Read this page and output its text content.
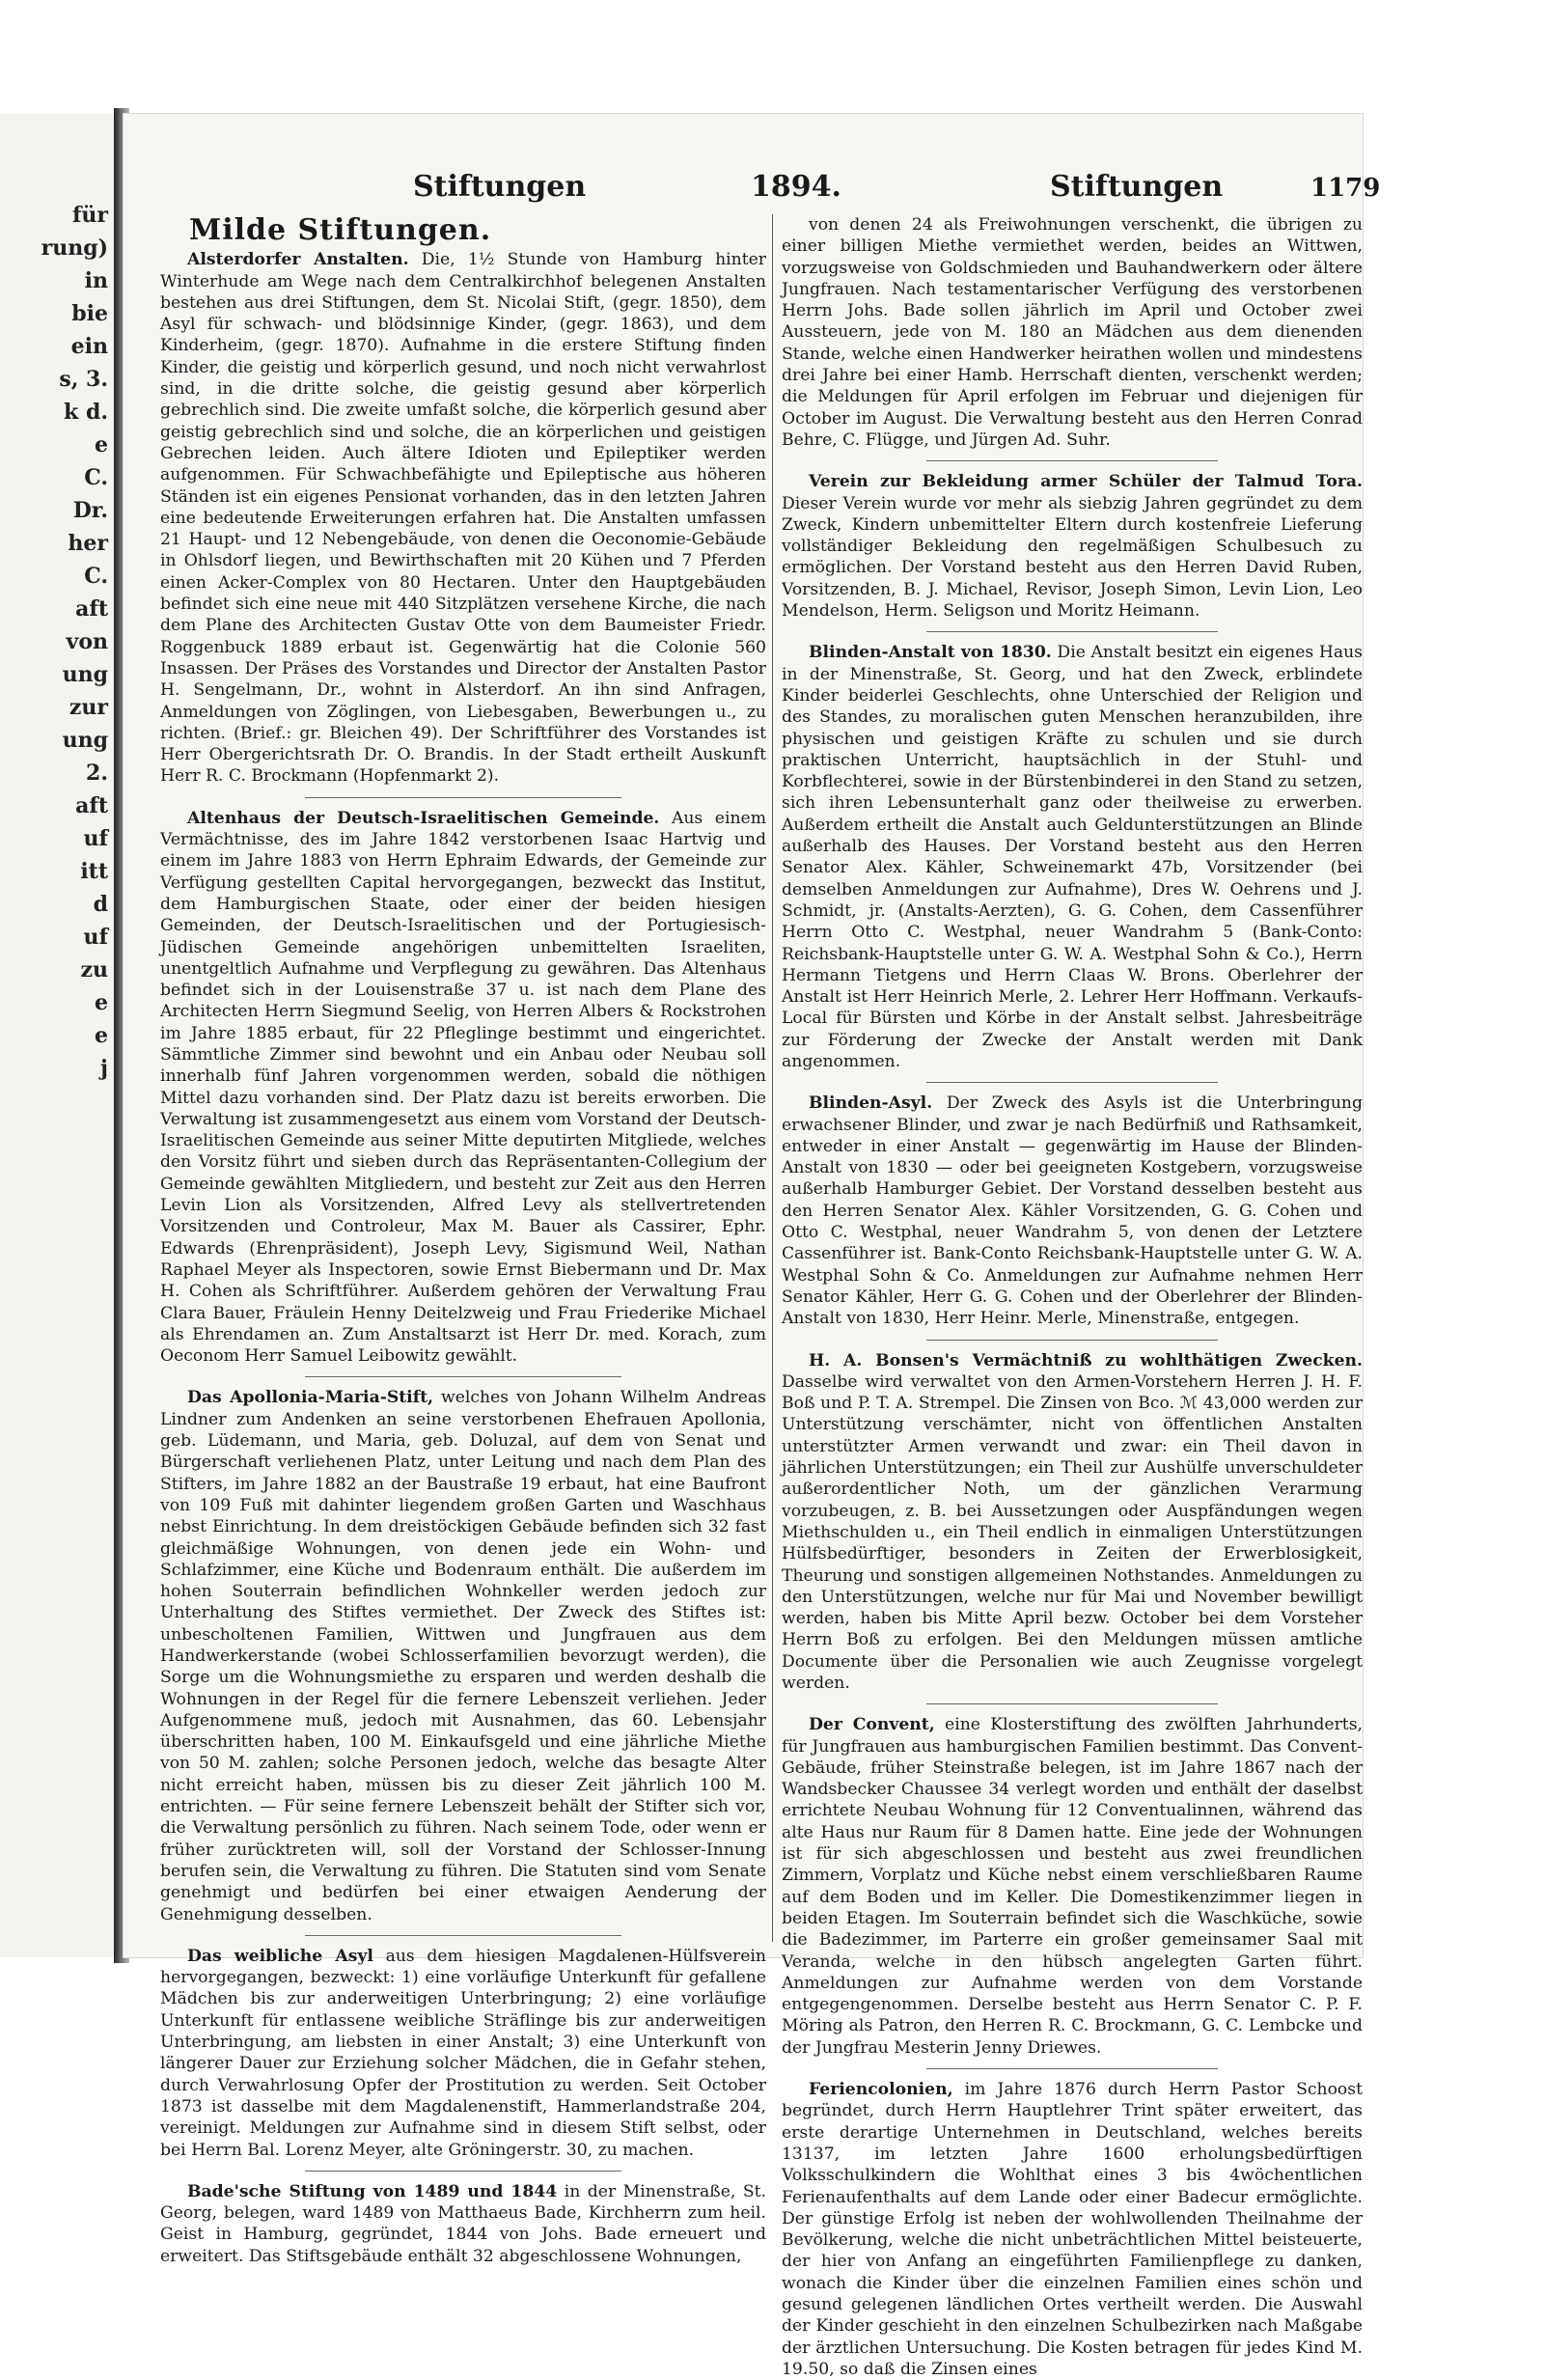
für
rung)
in
bie
ein
s, 3.
k d.
e
C.
Dr.
her
C.
aft
von
ung
zur
ung
2.
aft
uf
itt
d
uf
zu
e
e
j
Stiftungen	1894.	Stiftungen	1179
Milde Stiftungen.

Alsterdorfer Anstalten. Die, 1½ Stunde von Hamburg hinter Winterhude am Wege nach dem Centralkirchhof belegenen Anstalten bestehen aus drei Stiftungen, dem St. Nicolai Stift, (gegr. 1850), dem Asyl für schwach- und blödsinnige Kinder, (gegr. 1863), und dem Kinderheim, (gegr. 1870). Aufnahme in die erstere Stiftung finden Kinder, die geistig und körperlich gesund, und noch nicht verwahrlost sind, in die dritte solche, die geistig gesund aber körperlich gebrechlich sind. Die zweite umfaßt solche, die körperlich gesund aber geistig gebrechlich sind und solche, die an körperlichen und geistigen Gebrechen leiden. Auch ältere Idioten und Epileptiker werden aufgenommen. Für Schwachbefähigte und Epileptische aus höheren Ständen ist ein eigenes Pensionat vorhanden, das in den letzten Jahren eine bedeutende Erweiterungen erfahren hat. Die Anstalten umfassen 21 Haupt- und 12 Nebengebäude, von denen die Oeconomie-Gebäude in Ohlsdorf liegen, und Bewirthschaften mit 20 Kühen und 7 Pferden einen Acker-Complex von 80 Hectaren. Unter den Hauptgebäuden befindet sich eine neue mit 440 Sitzplätzen versehene Kirche, die nach dem Plane des Architecten Gustav Otte von dem Baumeister Friedr. Roggenbuck 1889 erbaut ist. Gegenwärtig hat die Colonie 560 Insassen. Der Präses des Vorstandes und Director der Anstalten Pastor H. Sengelmann, Dr., wohnt in Alsterdorf. An ihn sind Anfragen, Anmeldungen von Zöglingen, von Liebesgaben, Bewerbungen u., zu richten. (Brief.: gr. Bleichen 49). Der Schriftführer des Vorstandes ist Herr Obergerichtsrath Dr. O. Brandis. In der Stadt ertheilt Auskunft Herr R. C. Brockmann (Hopfenmarkt 2).

Altenhaus der Deutsch-Israelitischen Gemeinde. Aus einem Vermächtnisse, des im Jahre 1842 verstorbenen Isaac Hartvig und einem im Jahre 1883 von Herrn Ephraim Edwards, der Gemeinde zur Verfügung gestellten Capital hervorgegangen, bezweckt das Institut, dem Hamburgischen Staate, oder einer der beiden hiesigen Gemeinden, der Deutsch-Israelitischen und der Portugiesisch-Jüdischen Gemeinde angehörigen unbemittelten Israeliten, unentgeltlich Aufnahme und Verpflegung zu gewähren. Das Altenhaus befindet sich in der Louisenstraße 37 u. ist nach dem Plane des Architecten Herrn Siegmund Seelig, von Herren Albers & Rockstrohen im Jahre 1885 erbaut, für 22 Pfleglinge bestimmt und eingerichtet. Sämmtliche Zimmer sind bewohnt und ein Anbau oder Neubau soll innerhalb fünf Jahren vorgenommen werden, sobald die nöthigen Mittel dazu vorhanden sind. Der Platz dazu ist bereits erworben. Die Verwaltung ist zusammengesetzt aus einem vom Vorstand der Deutsch-Israelitischen Gemeinde aus seiner Mitte deputirten Mitgliede, welches den Vorsitz führt und sieben durch das Repräsentanten-Collegium der Gemeinde gewählten Mitgliedern, und besteht zur Zeit aus den Herren Levin Lion als Vorsitzenden, Alfred Levy als stellvertretenden Vorsitzenden und Controleur, Max M. Bauer als Cassirer, Ephr. Edwards (Ehrenpräsident), Joseph Levy, Sigismund Weil, Nathan Raphael Meyer als Inspectoren, sowie Ernst Biebermann und Dr. Max H. Cohen als Schriftführer. Außerdem gehören der Verwaltung Frau Clara Bauer, Fräulein Henny Deitelzweig und Frau Friederike Michael als Ehrendamen an. Zum Anstaltsarzt ist Herr Dr. med. Korach, zum Oeconom Herr Samuel Leibowitz gewählt.

Das Apollonia-Maria-Stift, welches von Johann Wilhelm Andreas Lindner zum Andenken an seine verstorbenen Ehefrauen Apollonia, geb. Lüdemann, und Maria, geb. Doluzal, auf dem von Senat und Bürgerschaft verliehenen Platz, unter Leitung und nach dem Plan des Stifters, im Jahre 1882 an der Baustraße 19 erbaut, hat eine Baufront von 109 Fuß mit dahinter liegendem großen Garten und Waschhaus nebst Einrichtung. In dem dreistöckigen Gebäude befinden sich 32 fast gleichmäßige Wohnungen, von denen jede ein Wohn- und Schlafzimmer, eine Küche und Bodenraum enthält. Die außerdem im hohen Souterrain befindlichen Wohnkeller werden jedoch zur Unterhaltung des Stiftes vermiethet. Der Zweck des Stiftes ist: unbescholtenen Familien, Wittwen und Jungfrauen aus dem Handwerkerstande (wobei Schlosserfamilien bevorzugt werden), die Sorge um die Wohnungsmiethe zu ersparen und werden deshalb die Wohnungen in der Regel für die fernere Lebenszeit verliehen. Jeder Aufgenommene muß, jedoch mit Ausnahmen, das 60. Lebensjahr überschritten haben, 100 M. Einkaufsgeld und eine jährliche Miethe von 50 M. zahlen; solche Personen jedoch, welche das besagte Alter nicht erreicht haben, müssen bis zu dieser Zeit jährlich 100 M. entrichten. — Für seine fernere Lebenszeit behält der Stifter sich vor, die Verwaltung persönlich zu führen. Nach seinem Tode, oder wenn er früher zurücktreten will, soll der Vorstand der Schlosser-Innung berufen sein, die Verwaltung zu führen. Die Statuten sind vom Senate genehmigt und bedürfen bei einer etwaigen Aenderung der Genehmigung desselben.

Das weibliche Asyl aus dem hiesigen Magdalenen-Hülfsverein hervorgegangen, bezweckt: 1) eine vorläufige Unterkunft für gefallene Mädchen bis zur anderweitigen Unterbringung; 2) eine vorläufige Unterkunft für entlassene weibliche Sträflinge bis zur anderweitigen Unterbringung, am liebsten in einer Anstalt; 3) eine Unterkunft von längerer Dauer zur Erziehung solcher Mädchen, die in Gefahr stehen, durch Verwahrlosung Opfer der Prostitution zu werden. Seit October 1873 ist dasselbe mit dem Magdalenenstift, Hammerlandstraße 204, vereinigt. Meldungen zur Aufnahme sind in diesem Stift selbst, oder bei Herrn Bal. Lorenz Meyer, alte Gröningerstr. 30, zu machen.

Bade'sche Stiftung von 1489 und 1844 in der Minenstraße, St. Georg, belegen, ward 1489 von Matthaeus Bade, Kirchherrn zum heil. Geist in Hamburg, gegründet, 1844 von Johs. Bade erneuert und erweitert. Das Stiftsgebäude enthält 32 abgeschlossene Wohnungen,

von denen 24 als Freiwohnungen verschenkt, die übrigen zu einer billigen Miethe vermiethet werden, beides an Wittwen, vorzugsweise von Goldschmieden und Bauhandwerkern oder ältere Jungfrauen. Nach testamentarischer Verfügung des verstorbenen Herrn Johs. Bade sollen jährlich im April und October zwei Aussteuern, jede von M. 180 an Mädchen aus dem dienenden Stande, welche einen Handwerker heirathen wollen und mindestens drei Jahre bei einer Hamb. Herrschaft dienten, verschenkt werden; die Meldungen für April erfolgen im Februar und diejenigen für October im August. Die Verwaltung besteht aus den Herren Conrad Behre, C. Flügge, und Jürgen Ad. Suhr.

Verein zur Bekleidung armer Schüler der Talmud Tora. Dieser Verein wurde vor mehr als siebzig Jahren gegründet zu dem Zweck, Kindern unbemittelter Eltern durch kostenfreie Lieferung vollständiger Bekleidung den regelmäßigen Schulbesuch zu ermöglichen. Der Vorstand besteht aus den Herren David Ruben, Vorsitzenden, B. J. Michael, Revisor, Joseph Simon, Levin Lion, Leo Mendelson, Herm. Seligson und Moritz Heimann.

Blinden-Anstalt von 1830. Die Anstalt besitzt ein eigenes Haus in der Minenstraße, St. Georg, und hat den Zweck, erblindete Kinder beiderlei Geschlechts, ohne Unterschied der Religion und des Standes, zu moralischen guten Menschen heranzubilden, ihre physischen und geistigen Kräfte zu schulen und sie durch praktischen Unterricht, hauptsächlich in der Stuhl- und Korbflechterei, sowie in der Bürstenbinderei in den Stand zu setzen, sich ihren Lebensunterhalt ganz oder theilweise zu erwerben. Außerdem ertheilt die Anstalt auch Geldunterstützungen an Blinde außerhalb des Hauses. Der Vorstand besteht aus den Herren Senator Alex. Kähler, Schweinemarkt 47b, Vorsitzender (bei demselben Anmeldungen zur Aufnahme), Dres W. Oehrens und J. Schmidt, jr. (Anstalts-Aerzten), G. G. Cohen, dem Cassenführer Herrn Otto C. Westphal, neuer Wandrahm 5 (Bank-Conto: Reichsbank-Hauptstelle unter G. W. A. Westphal Sohn & Co.), Herrn Hermann Tietgens und Herrn Claas W. Brons. Oberlehrer der Anstalt ist Herr Heinrich Merle, 2. Lehrer Herr Hoffmann. Verkaufs-Local für Bürsten und Körbe in der Anstalt selbst. Jahresbeiträge zur Förderung der Zwecke der Anstalt werden mit Dank angenommen.

Blinden-Asyl. Der Zweck des Asyls ist die Unterbringung erwachsener Blinder, und zwar je nach Bedürfniß und Rathsamkeit, entweder in einer Anstalt — gegenwärtig im Hause der Blinden-Anstalt von 1830 — oder bei geeigneten Kostgebern, vorzugsweise außerhalb Hamburger Gebiet. Der Vorstand desselben besteht aus den Herren Senator Alex. Kähler Vorsitzenden, G. G. Cohen und Otto C. Westphal, neuer Wandrahm 5, von denen der Letztere Cassenführer ist. Bank-Conto Reichsbank-Hauptstelle unter G. W. A. Westphal Sohn & Co. Anmeldungen zur Aufnahme nehmen Herr Senator Kähler, Herr G. G. Cohen und der Oberlehrer der Blinden-Anstalt von 1830, Herr Heinr. Merle, Minenstraße, entgegen.

H. A. Bonsen's Vermächtniß zu wohlthätigen Zwecken. Dasselbe wird verwaltet von den Armen-Vorstehern Herren J. H. F. Boß und P. T. A. Strempel. Die Zinsen von Bco. ℳ 43,000 werden zur Unterstützung verschämter, nicht von öffentlichen Anstalten unterstützter Armen verwandt und zwar: ein Theil davon in jährlichen Unterstützungen; ein Theil zur Aushülfe unverschuldeter außerordentlicher Noth, um der gänzlichen Verarmung vorzubeugen, z. B. bei Aussetzungen oder Auspfändungen wegen Miethschulden u., ein Theil endlich in einmaligen Unterstützungen Hülfsbedürftiger, besonders in Zeiten der Erwerblosigkeit, Theurung und sonstigen allgemeinen Nothstandes. Anmeldungen zu den Unterstützungen, welche nur für Mai und November bewilligt werden, haben bis Mitte April bezw. October bei dem Vorsteher Herrn Boß zu erfolgen. Bei den Meldungen müssen amtliche Documente über die Personalien wie auch Zeugnisse vorgelegt werden.

Der Convent, eine Klosterstiftung des zwölften Jahrhunderts, für Jungfrauen aus hamburgischen Familien bestimmt. Das Convent-Gebäude, früher Steinstraße belegen, ist im Jahre 1867 nach der Wandsbecker Chaussee 34 verlegt worden und enthält der daselbst errichtete Neubau Wohnung für 12 Conventualinnen, während das alte Haus nur Raum für 8 Damen hatte. Eine jede der Wohnungen ist für sich abgeschlossen und besteht aus zwei freundlichen Zimmern, Vorplatz und Küche nebst einem verschließbaren Raume auf dem Boden und im Keller. Die Domestikenzimmer liegen in beiden Etagen. Im Souterrain befindet sich die Waschküche, sowie die Badezimmer, im Parterre ein großer gemeinsamer Saal mit Veranda, welche in den hübsch angelegten Garten führt. Anmeldungen zur Aufnahme werden von dem Vorstande entgegengenommen. Derselbe besteht aus Herrn Senator C. P. F. Möring als Patron, den Herren R. C. Brockmann, G. C. Lembcke und der Jungfrau Mesterin Jenny Driewes.

Feriencolonien, im Jahre 1876 durch Herrn Pastor Schoost begründet, durch Herrn Hauptlehrer Trint später erweitert, das erste derartige Unternehmen in Deutschland, welches bereits 13137, im letzten Jahre 1600 erholungsbedürftigen Volksschulkindern die Wohlthat eines 3 bis 4wöchentlichen Ferienaufenthalts auf dem Lande oder einer Badecur ermöglichte. Der günstige Erfolg ist neben der wohlwollenden Theilnahme der Bevölkerung, welche die nicht unbeträchtlichen Mittel beisteuerte, der hier von Anfang an eingeführten Familienpflege zu danken, wonach die Kinder über die einzelnen Familien eines schön und gesund gelegenen ländlichen Ortes vertheilt werden. Die Auswahl der Kinder geschieht in den einzelnen Schulbezirken nach Maßgabe der ärztlichen Untersuchung. Die Kosten betragen für jedes Kind M. 19.50, so daß die Zinsen eines
